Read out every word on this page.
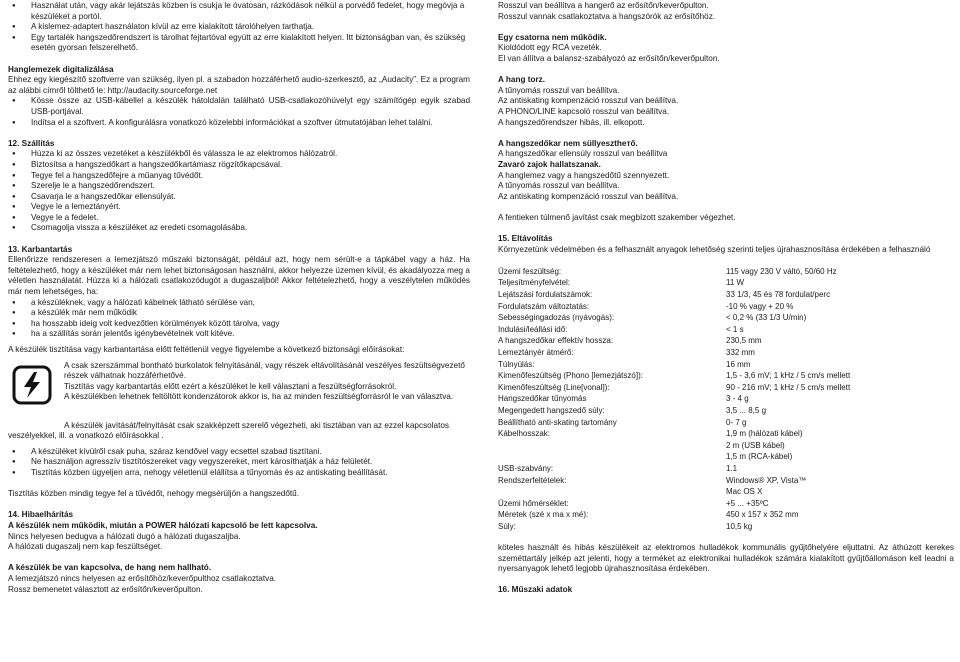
● Használat után, vagy akár lejátszás közben is csukja le óvatosan, rázkódások nélkül a porvédő fedelet, hogy megóvja a készüléket a portól.
● A kislemez-adaptert használaton kívül az erre kialakított tárolóhelyen tarthatja.
● Egy tartalék hangszedőrendszert is tárolhat fejtartóval együtt az erre kialakított helyen. Itt biztonságban van, és szükség esetén gyorsan felszerelhető.

Hanglemezek digitalizálása

Ehhez egy kiegészítő szoftverre van szükség, ilyen pl. a szabadon hozzáférhető audio-szerkesztő, az „Audacity”. Ez a program az alábbi címről tölthető le: http://audacity.sourceforge.net

● Kösse össze az USB-kábellel a készülék hátoldalán található USB-csatlakozóhüvelyt egy számítógép egyik szabad USB-portjával.
● Indítsa el a szoftvert. A konfigurálásra vonatkozó közelebbi információkat a szoftver útmutatójában lehet találni.

12. Szállítás

● Húzza ki az összes vezetéket a készülékből és válassza le az elektromos hálózatról.
● Biztosítsa a hangszedőkart a hangszedőkartámasz rögzítőkapcsával.
● Tegye fel a hangszedőfejre a műanyag tűvédőt.
● Szerelje le a hangszedőrendszert.
● Csavarja le a hangszedőkar ellensúlyát.
● Vegye le a lemeztányért.
● Vegye le a fedelet.
● Csomagolja vissza a készüléket az eredeti csomagolásába.

13. Karbantartás

Ellenőrizze rendszeresen a lemezjátszó műszaki biztonságát, például azt, hogy nem sérült-e a tápkábel vagy a ház. Ha feltételezhető, hogy a készüléket már nem lehet biztonságosan használni, akkor helyezze üzemen kívül, és akadályozza meg a véletlen használatát. Húzza ki a hálózati csatlakozódugót a dugaszaljból! Akkor feltételezhető, hogy a veszélytelen működés már nem lehetséges, ha:

● a készüléknek, vagy a hálózati kábelnek látható sérülése van,
● a készülék már nem működik
● ha hosszabb ideig volt kedvezőtlen körülmények között tárolva, vagy
● ha a szállítás során jelentős igénybevételnek volt kitéve.

A készülék tisztítása vagy karbantartása előtt feltétlenül vegye figyelembe a következő biztonsági előírásokat:

A csak szerszámmal bontható burkolatok felnyitásánál, vagy részek eltávolításánál veszélyes feszültségvezető részek válhatnak hozzáférhetővé.

Tisztítás vagy karbantartás előtt ezért a készüléket le kell választani a feszültségforrásokról.

A készülékben lehetnek feltöltött kondenzátorok akkor is, ha az minden feszültségforrásról le van választva.

A készülék javítását/felnyitását csak szakképzett szerelő végezheti, aki tisztában van az ezzel kapcsolatos veszélyekkel, ill. a vonatkozó előírásokkal .

● A készüléket kívülről csak puha, száraz kendővel vagy ecsettel szabad tisztítani.
● Ne használjon agresszív tisztítószereket vagy vegyszereket, mert károsíthatják a ház felületét.
● Tisztítás közben ügyeljen arra, nehogy véletlenül elállítsa a tűnyomás és az antiskating beállítását.

Tisztítás közben mindig tegye fel a tűvédőt, nehogy megsérüljön a hangszedőtű.

14. Hibaelhárítás

A készülék nem működik, miután a POWER hálózati kapcsoló be lett kapcsolva.

Nincs helyesen bedugva a hálózati dugó a hálózati dugaszaljba.

A hálózati dugaszalj nem kap feszültséget.

A készülék be van kapcsolva, de hang nem hallható.

A lemezjátszó nincs helyesen az erősítőhöz/keverőpulthoz csatlakoztatva.

Rossz bemenetet választott az erősítőn/keverőpulton.

Rosszul van beállítva a hangerő az erősítőn/keverőpulton.

Rosszul vannak csatlakoztatva a hangszórók az erősítőhöz.

Egy csatorna nem működik.

Kioldódott egy RCA vezeték.

El van állítva a balansz-szabályozó az erősítőn/keverőpulton.

A hang torz.

A tűnyomás rosszul van beállítva.

Az antiskating kompenzáció rosszul van beállítva.

A PHONO/LINE kapcsoló rosszul van beállítva.

A hangszedőrendszer hibás, ill. elkopott.

A hangszedőkar nem süllyesztheтő.

A hangszedőkar ellensúly rosszul van beállítva

Zavaró zajok hallatszanak.

A hanglemez vagy a hangszedőtű szennyezett.

A tűnyomás rosszul van beállítva.

Az antiskating kompenzáció rosszul van beállítva.

A fentieken túlmenő javítást csak megbízott szakember végezhet.

15. Eltávolítás

Környezetünk védelmében és a felhasznált anyagok lehetőség szerinti teljes újrahasznosítása érdekében a felhasználó

Üzemi feszültség:	115 vagy 230 V váltó, 50/60 Hz

Teljesítményfelvétel:	11 W

Lejátszási fordulatszámok:	33 1/3, 45 és 78 fordulat/perc

Fordulatszám változtatás:	-10 % vagy + 20 %

Sebességingadozás (nyávogás):	< 0,2 % (33 1/3 U/min)

Indulási/leállási idő:	< 1 s

A hangszedőkar effektív hossza:	230,5 mm

Lemeztányér átmérő:	332 mm

Túlnyúlás:	16 mm

Kimenőfeszültség (Phono [lemezjátszó]):	1,5 - 3,6 mV; 1 kHz / 5 cm/s mellett

Kimenőfeszültség (Line[vonal]):	90 - 216 mV; 1 kHz / 5 cm/s mellett

Hangszedőkar tűnyomás	3 - 4 g

Megengedett hangszedő súly:	3,5 ... 8,5 g

Beállítható anti-skating tartomány	0- 7 g

Kábelhosszak:	1,9 m (hálózati kábel)
2 m (USB kábel)
1,5 m (RCA-kábel)

USB-szabvány:	1.1

Rendszerfeltételek:	Windows® XP, Vista™
Mac OS X

Üzemi hőmérséklet:	+5 ... +35ºC

Méretek (szé x ma x mé):	450 x 157 x 352 mm

Súly:	10,5 kg

köteles használt és hibás készülékeit az elektromos hulladékok kommunális gyűjtőhelyére eljuttatni. Az áthúzott kerekes szeméttartály jelkép azt jelenti, hogy a terméket az elektronikai hulladékok számára kialakított gyűjtőállomáson kell leadni a nyersanyagok lehető legjobb újrahasznosítása érdekében.

16. Műszaki adatok
